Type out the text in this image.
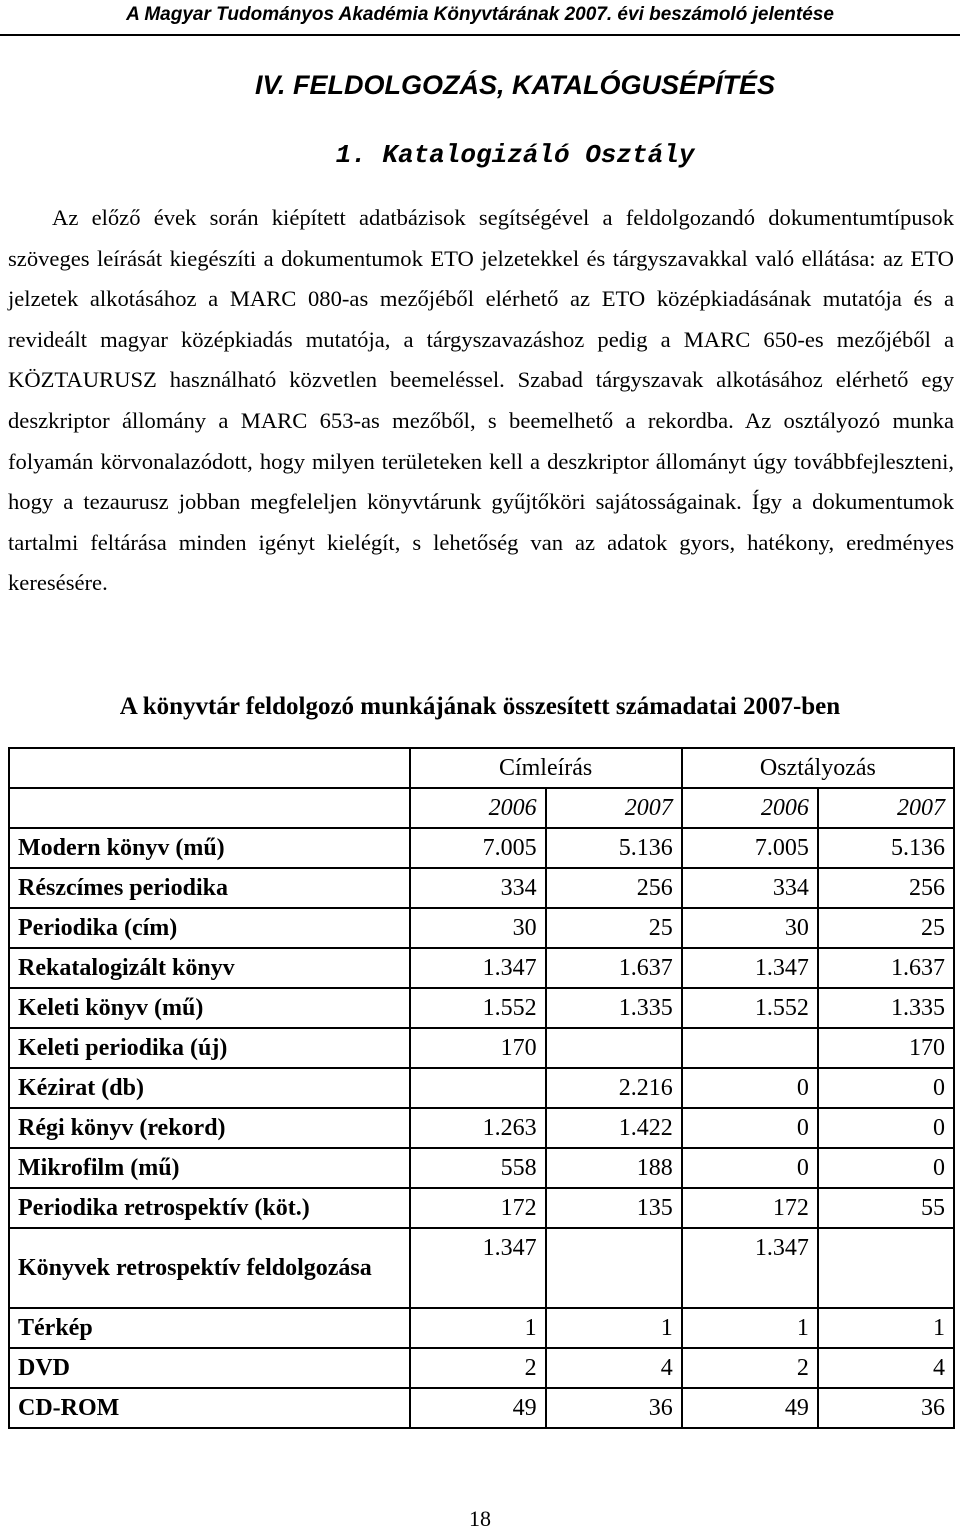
A Magyar Tudományos Akadémia Könyvtárának 2007. évi beszámoló jelentése
IV. FELDOLGOZÁS, KATALÓGUSÉPÍTÉS
1. Katalogizáló Osztály

Az előző évek során kiépített adatbázisok segítségével a feldolgozandó dokumentumtípusok szöveges leírását kiegészíti a dokumentumok ETO jelzetekkel és tárgyszavakkal való ellátása: az ETO jelzetek alkotásához a MARC 080-as mezőjéből elérhető az ETO középkiadásának mutatója és a revideált magyar középkiadás mutatója, a tárgyszavazáshoz pedig a MARC 650-es mezőjéből a KÖZTAURUSZ használható közvetlen beemeléssel. Szabad tárgyszavak alkotásához elérhető egy deszkriptor állomány a MARC 653-as mezőből, s beemelhető a rekordba. Az osztályozó munka folyamán körvonalazódott, hogy milyen területeken kell a deszkriptor állományt úgy továbbfejleszteni, hogy a tezaurusz jobban megfeleljen könyvtárunk gyűjtőköri sajátosságainak. Így a dokumentumok tartalmi feltárása minden igényt kielégít, s lehetőség van az adatok gyors, hatékony, eredményes keresésére.

A könyvtár feldolgozó munkájának összesített számadatai 2007-ben
	Címleírás		Osztályozás	
	2006	2007	2006	2007
Modern könyv (mű)	7.005	5.136	7.005	5.136
Részcímes periodika	334	256	334	256
Periodika (cím)	30	25	30	25
Rekatalogizált könyv	1.347	1.637	1.347	1.637
Keleti könyv (mű)	1.552	1.335	1.552	1.335
Keleti periodika (új)	170			170
Kézirat (db)		2.216	0	0
Régi könyv (rekord)	1.263	1.422	0	0
Mikrofilm (mű)	558	188	0	0
Periodika retrospektív (köt.)	172	135	172	55
Könyvek retrospektív feldolgozása	1.347		1.347	
Térkép	1	1	1	1
DVD	2	4	2	4
CD-ROM	49	36	49	36
18
